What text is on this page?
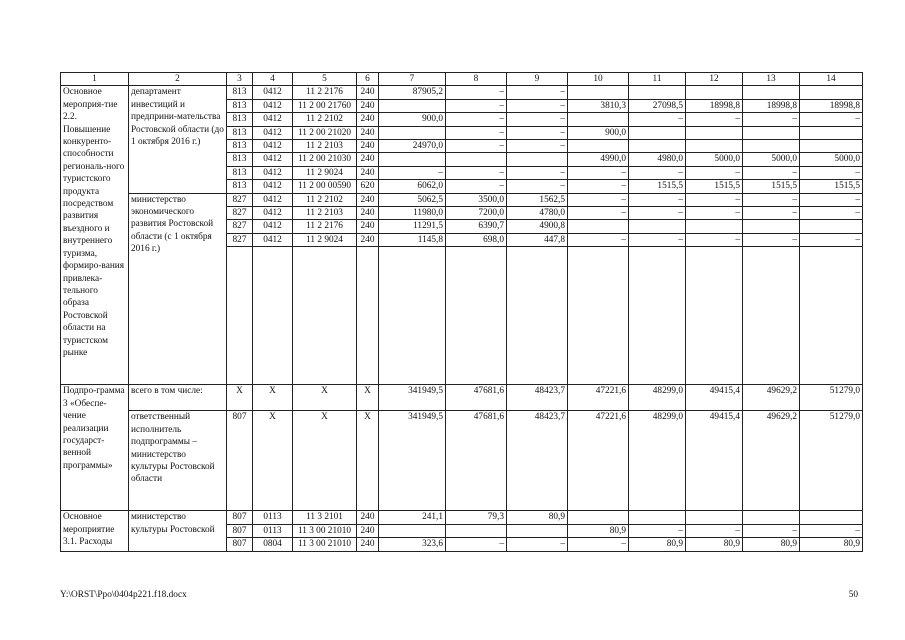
1	2	3	4	5	6	7	8	9	10	11	12	13	14
Основное мероприя-тие 2.2. Повышение конкуренто-способности региональ-ного туристского продукта посредством развития въездного и внутреннего туризма, формиро-вания привлека-тельного образа Ростовской области на туристском рынке	департамент инвестиций и предприни-мательства Ростовской области (до 1 октября 2016 г.)	813	0412	11 2 2176	240	87905,2	–	–					
		813	0412	11 2 00 21760	240		–	–	3810,3	27098,5	18998,8	18998,8	18998,8
		813	0412	11 2 2102	240	900,0	–	–		–	–	–	–
		813	0412	11 2 00 21020	240		–	–	900,0				
		813	0412	11 2 2103	240	24970,0	–	–					
		813	0412	11 2 00 21030	240				4990,0	4980,0	5000,0	5000,0	5000,0
		813	0412	11 2 9024	240	–	–	–	–	–	–	–	–
		813	0412	11 2 00 00590	620	6062,0	–	–	–	1515,5	1515,5	1515,5	1515,5
	министерство экономического развития Ростовской области (с 1 октября 2016 г.)	827	0412	11 2 2102	240	5062,5	3500,0	1562,5	–	–	–	–	–
		827	0412	11 2 2103	240	11980,0	7200,0	4780,0	–	–	–	–	–
		827	0412	11 2 2176	240	11291,5	6390,7	4900,8					
		827	0412	11 2 9024	240	1145,8	698,0	447,8	–	–	–	–	–

Подпро-грамма 3 «Обеспе-чение реализации государст-венной программы»	всего в том числе:	X	X	X	X	341949,5	47681,6	48423,7	47221,6	48299,0	49415,4	49629,2	51279,0
	ответственный исполнитель подпрограммы – министерство культуры Ростовской области	807	X	X	X	341949,5	47681,6	48423,7	47221,6	48299,0	49415,4	49629,2	51279,0
Основное мероприятие 3.1. Расходы	министерство культуры Ростовской	807	0113	11 3 2101	240	241,1	79,3	80,9					
		807	0113	11 3 00 21010	240				80,9	–	–	–	–
		807	0804	11 3 00 21010	240	323,6	–	–	–	80,9	80,9	80,9	80,9
Y:\ORST\Ppo\0404p221.f18.docx	50
